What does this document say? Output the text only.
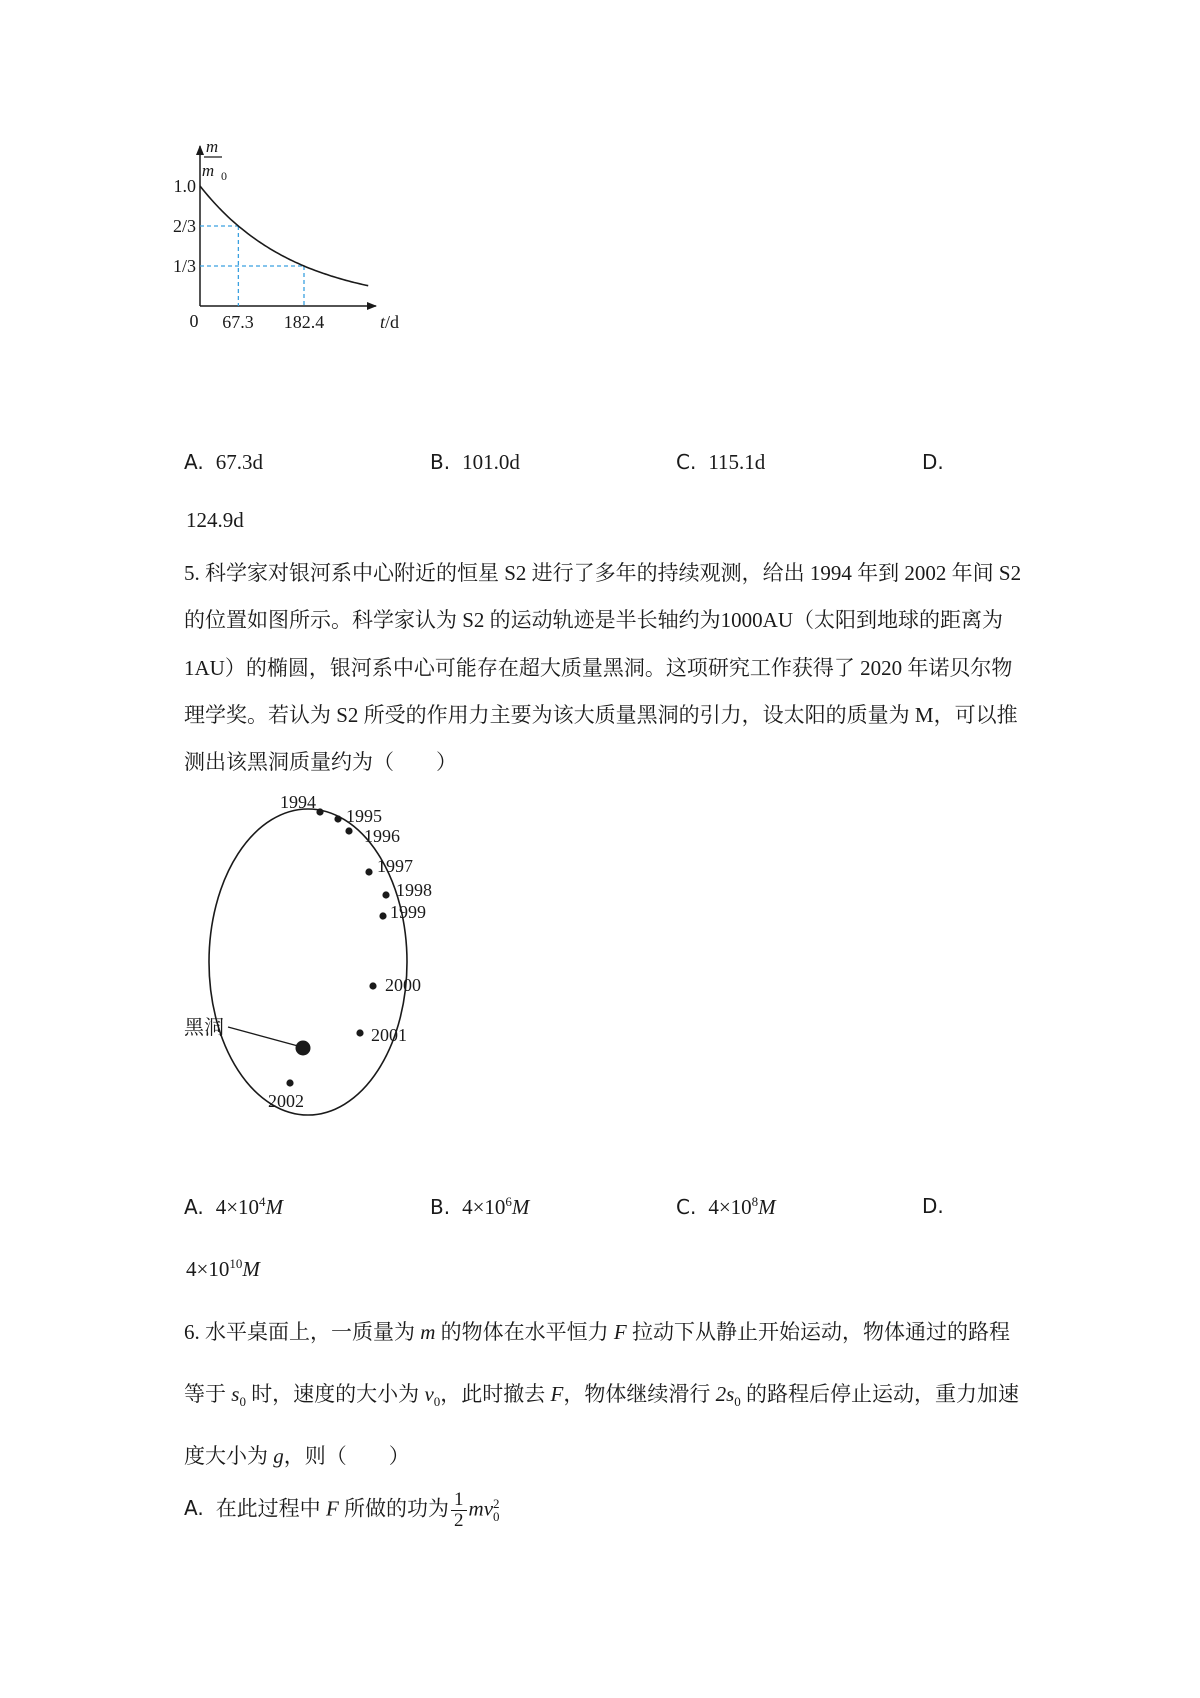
m
m 0
1.0
2/3
1/3
0 67.3 182.4	t/d
A. 67.3d	B. 101.0d	C. 115.1d	D.
124.9d
5. 科学家对银河系中心附近的恒星 S2 进行了多年的持续观测，给出 1994 年到 2002 年间 S2
的位置如图所示。科学家认为 S2 的运动轨迹是半长轴约为1000AU（太阳到地球的距离为
1AU）的椭圆，银河系中心可能存在超大质量黑洞。这项研究工作获得了 2020 年诺贝尔物
理学奖。若认为 S2 所受的作用力主要为该大质量黑洞的引力，设太阳的质量为 M，可以推
测出该黑洞质量约为（　　）
黑洞
1994
1995
1996
1997
1998
1999
2000
2001
2002
A. $4\times 10^4M$	B. $4\times 10^6M$	C. $4\times 10^8M$	D.
$4\times 10^{10}M$
6. 水平桌面上，一质量为 m 的物体在水平恒力 F 拉动下从静止开始运动，物体通过的路程
等于 $s_0$ 时，速度的大小为 $v_0$，此时撤去 F，物体继续滑行 $2s_0$ 的路程后停止运动，重力加速
度大小为 g，则（　　）
A. 在此过程中 F 所做的功为 $\frac{1}{2}$ mv 2
0
